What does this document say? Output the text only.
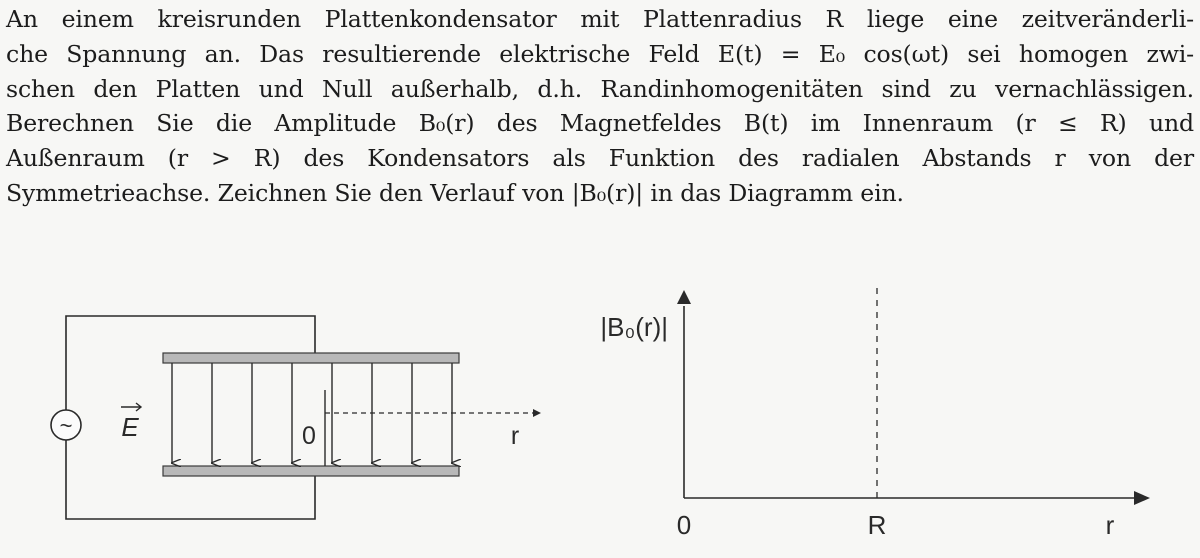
An einem kreisrunden Plattenkondensator mit Plattenradius R liege eine zeitveränderli-
che Spannung an. Das resultierende elektrische Feld E(t) = E₀ cos(ωt) sei homogen zwi-
schen den Platten und Null außerhalb, d.h. Randinhomogenitäten sind zu vernachlässigen.
Berechnen Sie die Amplitude B₀(r) des Magnetfeldes B(t) im Innenraum (r ≤ R) und
Außenraum (r > R) des Kondensators als Funktion des radialen Abstands r von der
Symmetrieachse. Zeichnen Sie den Verlauf von |B₀(r)| in das Diagramm ein.
~ E	0	r
|B₀(r)|
0	R	r
